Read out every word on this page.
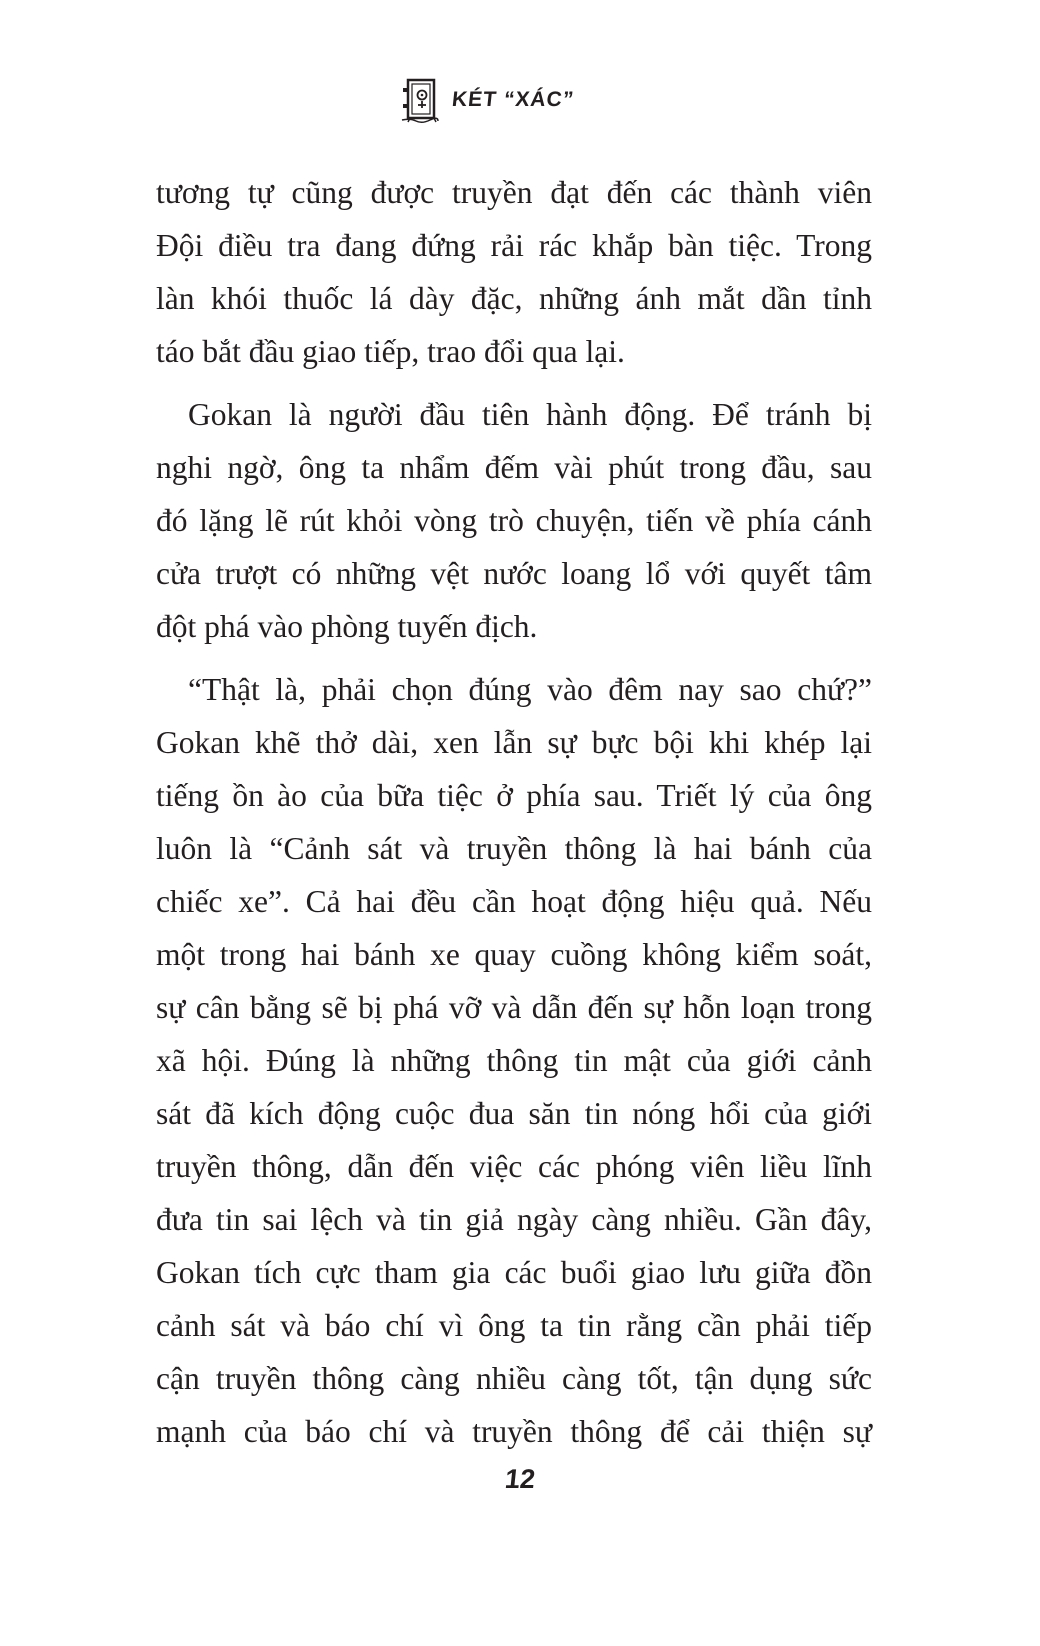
KÉT “XÁC”
tương tự cũng được truyền đạt đến các thành viên
Đội điều tra đang đứng rải rác khắp bàn tiệc. Trong
làn khói thuốc lá dày đặc, những ánh mắt dần tỉnh
táo bắt đầu giao tiếp, trao đổi qua lại.
Gokan là người đầu tiên hành động. Để tránh bị
nghi ngờ, ông ta nhẩm đếm vài phút trong đầu, sau
đó lặng lẽ rút khỏi vòng trò chuyện, tiến về phía cánh
cửa trượt có những vệt nước loang lổ với quyết tâm
đột phá vào phòng tuyến địch.
“Thật là, phải chọn đúng vào đêm nay sao chứ?”
Gokan khẽ thở dài, xen lẫn sự bực bội khi khép lại
tiếng ồn ào của bữa tiệc ở phía sau. Triết lý của ông
luôn là “Cảnh sát và truyền thông là hai bánh của
chiếc xe”. Cả hai đều cần hoạt động hiệu quả. Nếu
một trong hai bánh xe quay cuồng không kiểm soát,
sự cân bằng sẽ bị phá vỡ và dẫn đến sự hỗn loạn trong
xã hội. Đúng là những thông tin mật của giới cảnh
sát đã kích động cuộc đua săn tin nóng hổi của giới
truyền thông, dẫn đến việc các phóng viên liều lĩnh
đưa tin sai lệch và tin giả ngày càng nhiều. Gần đây,
Gokan tích cực tham gia các buổi giao lưu giữa đồn
cảnh sát và báo chí vì ông ta tin rằng cần phải tiếp
cận truyền thông càng nhiều càng tốt, tận dụng sức
mạnh của báo chí và truyền thông để cải thiện sự
12
